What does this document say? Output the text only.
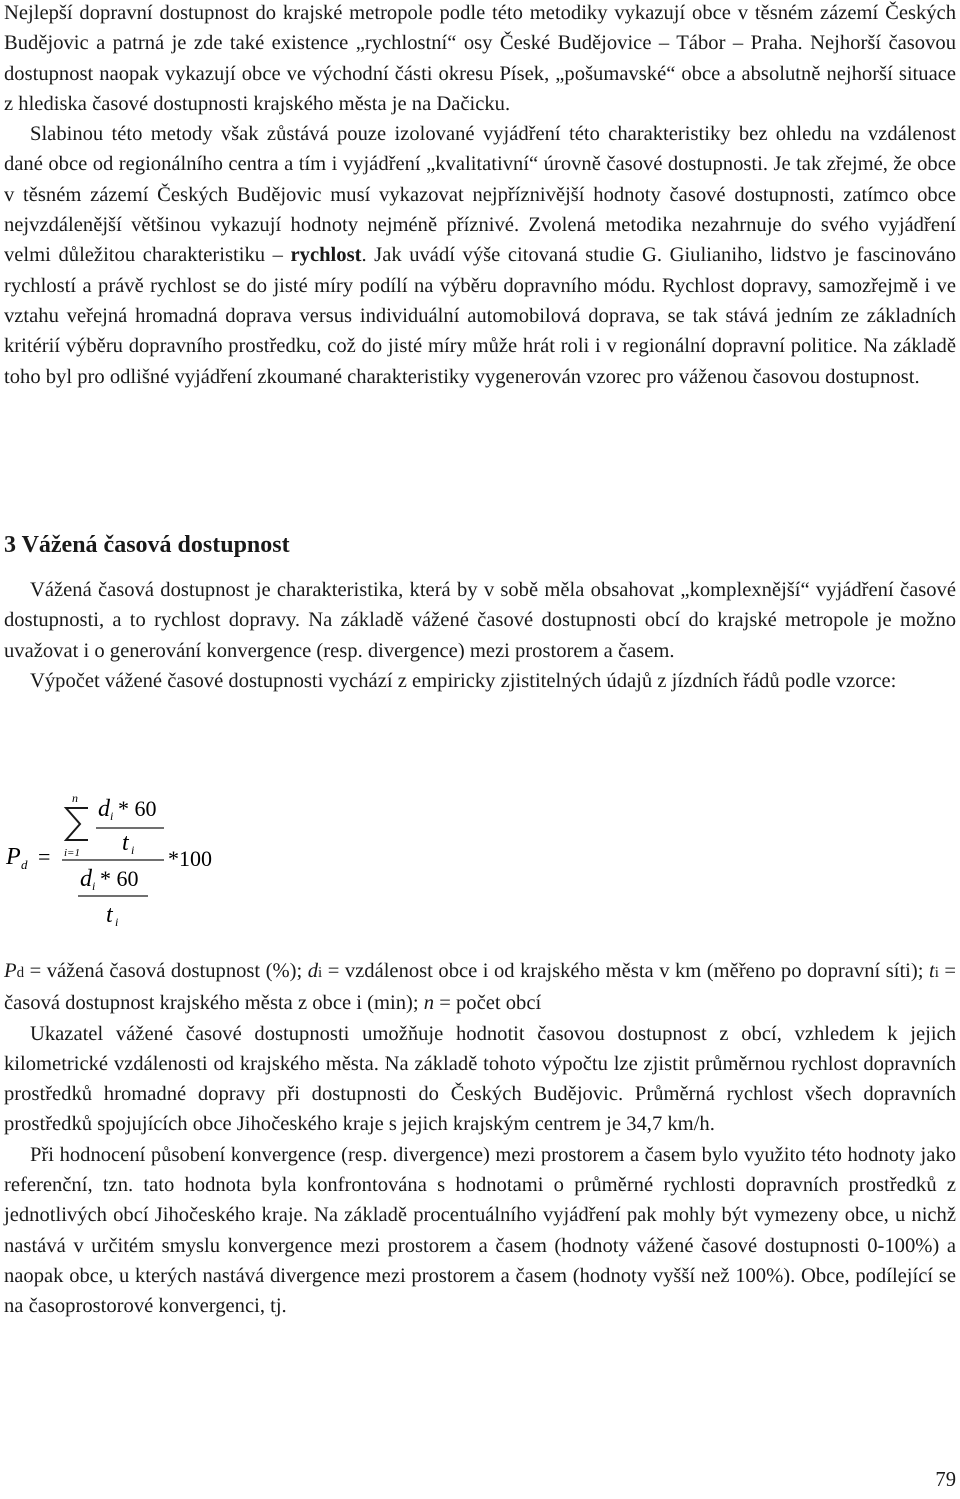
Nejlepší dopravní dostupnost do krajské metropole podle této metodiky vykazují obce v těsném zázemí Českých Budějovic a patrná je zde také existence „rychlostní“ osy České Budějovice – Tábor – Praha. Nejhorší časovou dostupnost naopak vykazují obce ve východní části okresu Písek, „pošumavské“ obce a absolutně nejhorší situace z hlediska časové dostupnosti krajského města je na Dačicku.

Slabinou této metody však zůstává pouze izolované vyjádření této charakteristiky bez ohledu na vzdálenost dané obce od regionálního centra a tím i vyjádření „kvalitativní“ úrovně časové dostupnosti. Je tak zřejmé, že obce v těsném zázemí Českých Budějovic musí vykazovat nejpříznivější hodnoty časové dostupnosti, zatímco obce nejvzdálenější většinou vykazují hodnoty nejméně příznivé. Zvolená metodika nezahrnuje do svého vyjádření velmi důležitou charakteristiku – rychlost. Jak uvádí výše citovaná studie G. Giulianiho, lidstvo je fascinováno rychlostí a právě rychlost se do jisté míry podílí na výběru dopravního módu. Rychlost dopravy, samozřejmě i ve vztahu veřejná hromadná doprava versus individuální automobilová doprava, se tak stává jedním ze základních kritérií výběru dopravního prostředku, což do jisté míry může hrát roli i v regionální dopravní politice. Na základě toho byl pro odlišné vyjádření zkoumané charakteristiky vygenerován vzorec pro váženou časovou dostupnost.

3 Vážená časová dostupnost

Vážená časová dostupnost je charakteristika, která by v sobě měla obsahovat „komplexnější“ vyjádření časové dostupnosti, a to rychlost dopravy. Na základě vážené časové dostupnosti obcí do krajské metropole je možno uvažovat i o generování konvergence (resp. divergence) mezi prostorem a časem.

Výpočet vážené časové dostupnosti vychází z empiricky zjistitelných údajů z jízdních řádů podle vzorce:

P d =
n
i=1
d i * 60
t i
d i * 60
t i
*100

Pd = vážená časová dostupnost (%); di = vzdálenost obce i od krajského města v km (měřeno po dopravní síti); ti = časová dostupnost krajského města z obce i (min); n = počet obcí

Ukazatel vážené časové dostupnosti umožňuje hodnotit časovou dostupnost z obcí, vzhledem k jejich kilometrické vzdálenosti od krajského města. Na základě tohoto výpočtu lze zjistit průměrnou rychlost dopravních prostředků hromadné dopravy při dostupnosti do Českých Budějovic. Průměrná rychlost všech dopravních prostředků spojujících obce Jihočeského kraje s jejich krajským centrem je 34,7 km/h.

Při hodnocení působení konvergence (resp. divergence) mezi prostorem a časem bylo využito této hodnoty jako referenční, tzn. tato hodnota byla konfrontována s hodnotami o průměrné rychlosti dopravních prostředků z jednotlivých obcí Jihočeského kraje. Na základě procentuálního vyjádření pak mohly být vymezeny obce, u nichž nastává v určitém smyslu konvergence mezi prostorem a časem (hodnoty vážené časové dostupnosti 0-100%) a naopak obce, u kterých nastává divergence mezi prostorem a časem (hodnoty vyšší než 100%). Obce, podílející se na časoprostorové konvergenci, tj.

79
